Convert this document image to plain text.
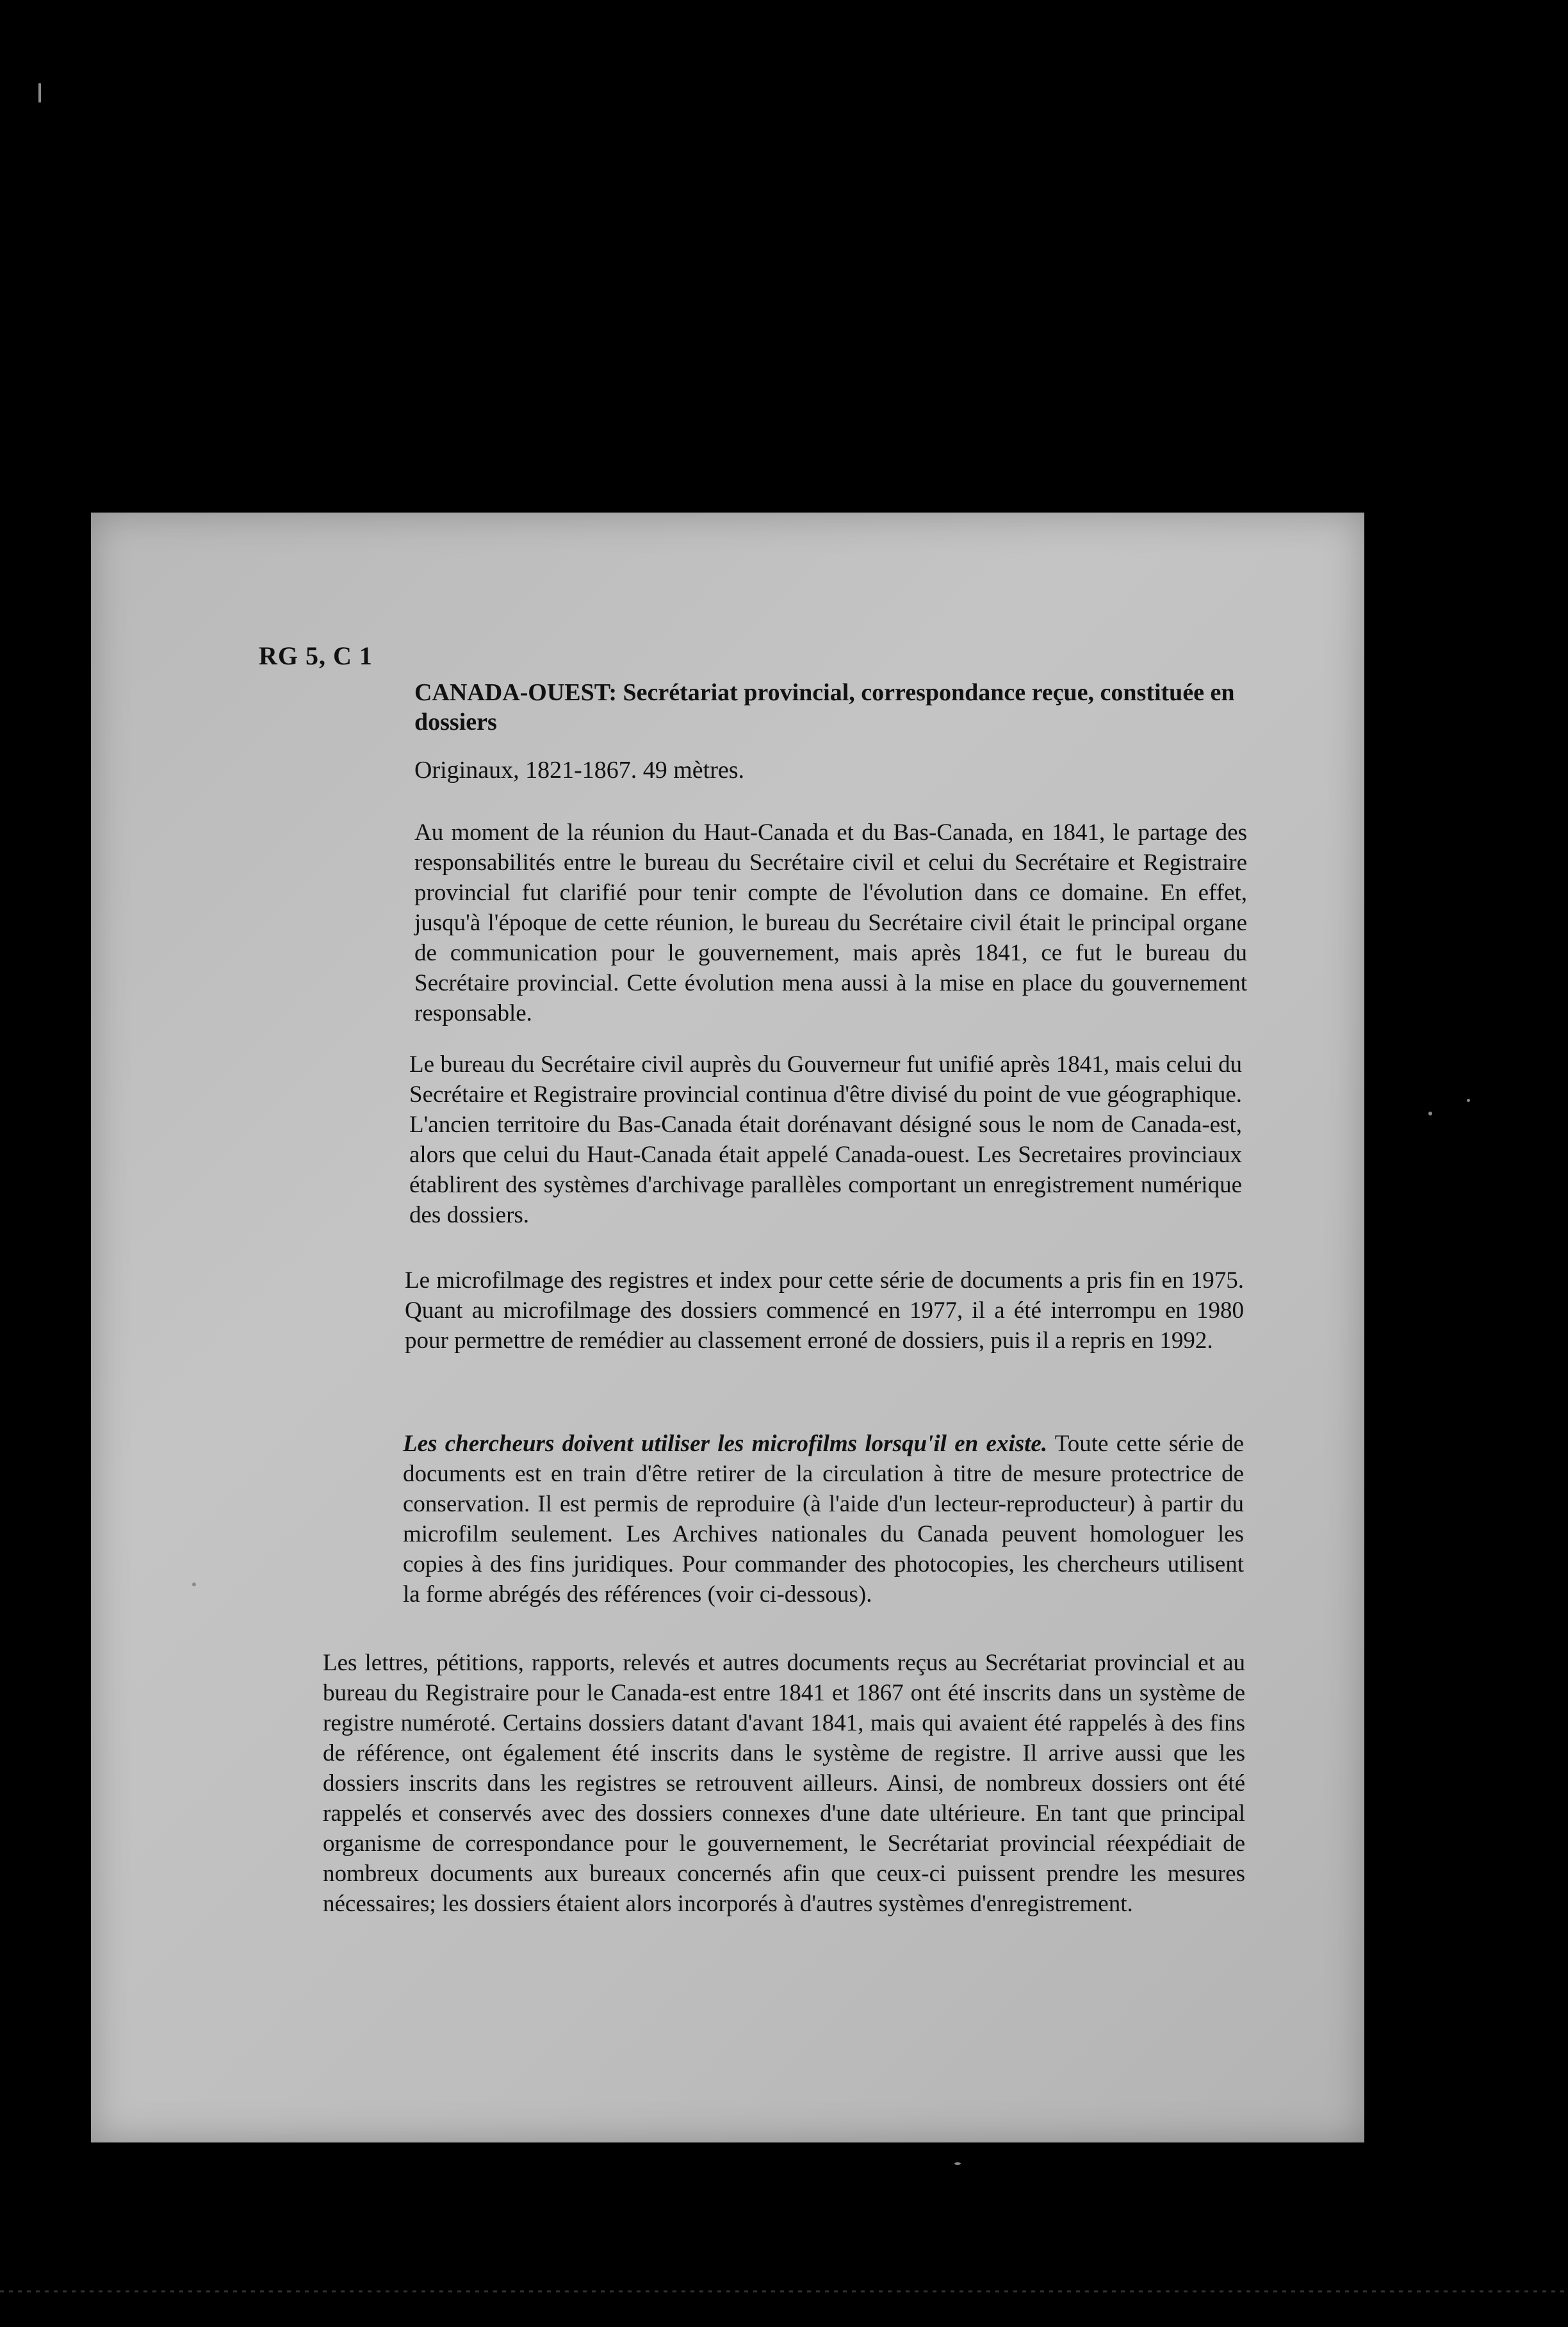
RG 5, C 1
CANADA-OUEST: Secrétariat provincial, correspondance reçue, constituée en dossiers
Originaux, 1821-1867. 49 mètres.
Au moment de la réunion du Haut-Canada et du Bas-Canada, en 1841, le partage des responsabilités entre le bureau du Secrétaire civil et celui du Secrétaire et Registraire provincial fut clarifié pour tenir compte de l'évolution dans ce domaine. En effet, jusqu'à l'époque de cette réunion, le bureau du Secrétaire civil était le principal organe de communication pour le gouvernement, mais après 1841, ce fut le bureau du Secrétaire provincial. Cette évolution mena aussi à la mise en place du gouvernement responsable.
Le bureau du Secrétaire civil auprès du Gouverneur fut unifié après 1841, mais celui du Secrétaire et Registraire provincial continua d'être divisé du point de vue géographique. L'ancien territoire du Bas-Canada était dorénavant désigné sous le nom de Canada-est, alors que celui du Haut-Canada était appelé Canada-ouest. Les Secretaires provinciaux établirent des systèmes d'archivage parallèles comportant un enregistrement numérique des dossiers.
Le microfilmage des registres et index pour cette série de documents a pris fin en 1975. Quant au microfilmage des dossiers commencé en 1977, il a été interrompu en 1980 pour permettre de remédier au classement erroné de dossiers, puis il a repris en 1992.
Les chercheurs doivent utiliser les microfilms lorsqu'il en existe. Toute cette série de documents est en train d'être retirer de la circulation à titre de mesure protectrice de conservation. Il est permis de reproduire (à l'aide d'un lecteur-reproducteur) à partir du microfilm seulement. Les Archives nationales du Canada peuvent homologuer les copies à des fins juridiques. Pour commander des photocopies, les chercheurs utilisent la forme abrégés des références (voir ci-dessous).
Les lettres, pétitions, rapports, relevés et autres documents reçus au Secrétariat provincial et au bureau du Registraire pour le Canada-est entre 1841 et 1867 ont été inscrits dans un système de registre numéroté. Certains dossiers datant d'avant 1841, mais qui avaient été rappelés à des fins de référence, ont également été inscrits dans le système de registre. Il arrive aussi que les dossiers inscrits dans les registres se retrouvent ailleurs. Ainsi, de nombreux dossiers ont été rappelés et conservés avec des dossiers connexes d'une date ultérieure. En tant que principal organisme de correspondance pour le gouvernement, le Secrétariat provincial réexpédiait de nombreux documents aux bureaux concernés afin que ceux-ci puissent prendre les mesures nécessaires; les dossiers étaient alors incorporés à d'autres systèmes d'enregistrement.
